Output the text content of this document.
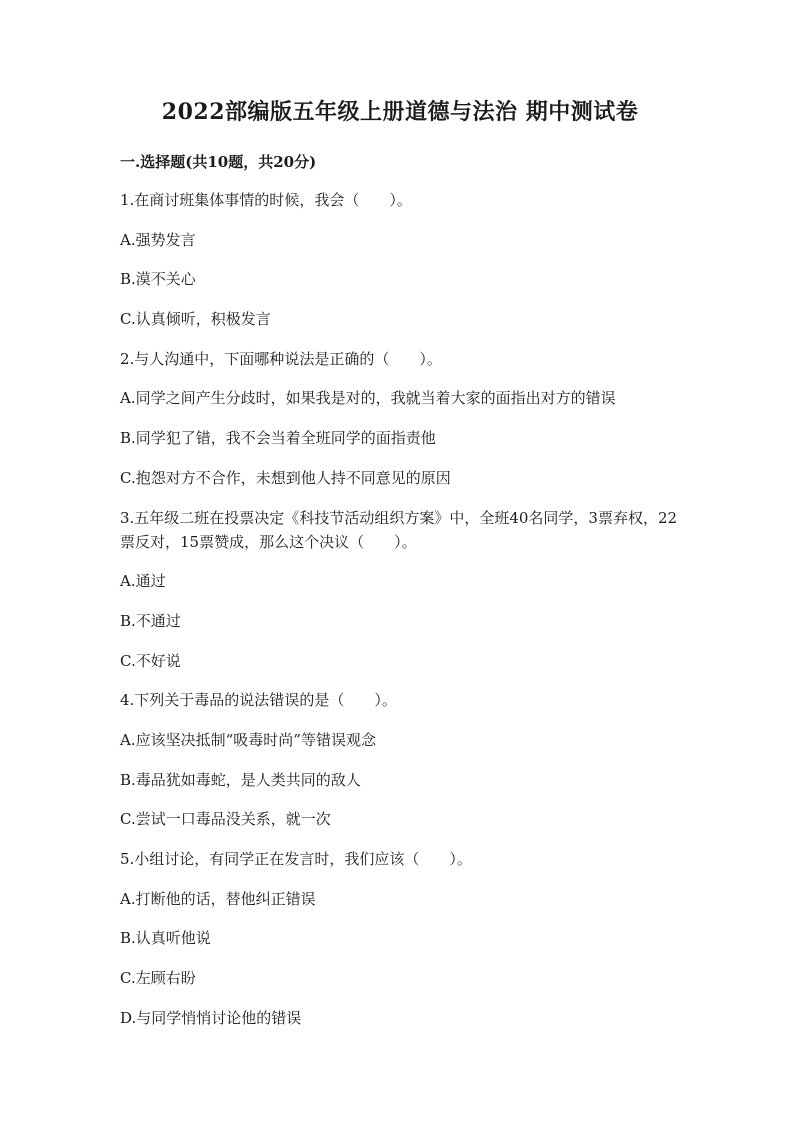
2022部编版五年级上册道德与法治 期中测试卷
一.选择题(共10题，共20分)
1.在商讨班集体事情的时候，我会（　　）。
A.强势发言
B.漠不关心
C.认真倾听，积极发言
2.与人沟通中，下面哪种说法是正确的（　　）。
A.同学之间产生分歧时，如果我是对的，我就当着大家的面指出对方的错误
B.同学犯了错，我不会当着全班同学的面指责他
C.抱怨对方不合作，未想到他人持不同意见的原因
3.五年级二班在投票决定《科技节活动组织方案》中，全班40名同学，3票弃权，22票反对，15票赞成，那么这个决议（　　）。
A.通过
B.不通过
C.不好说
4.下列关于毒品的说法错误的是（　　）。
A.应该坚决抵制“吸毒时尚”等错误观念
B.毒品犹如毒蛇，是人类共同的敌人
C.尝试一口毒品没关系，就一次
5.小组讨论，有同学正在发言时，我们应该（　　）。
A.打断他的话，替他纠正错误
B.认真听他说
C.左顾右盼
D.与同学悄悄讨论他的错误
